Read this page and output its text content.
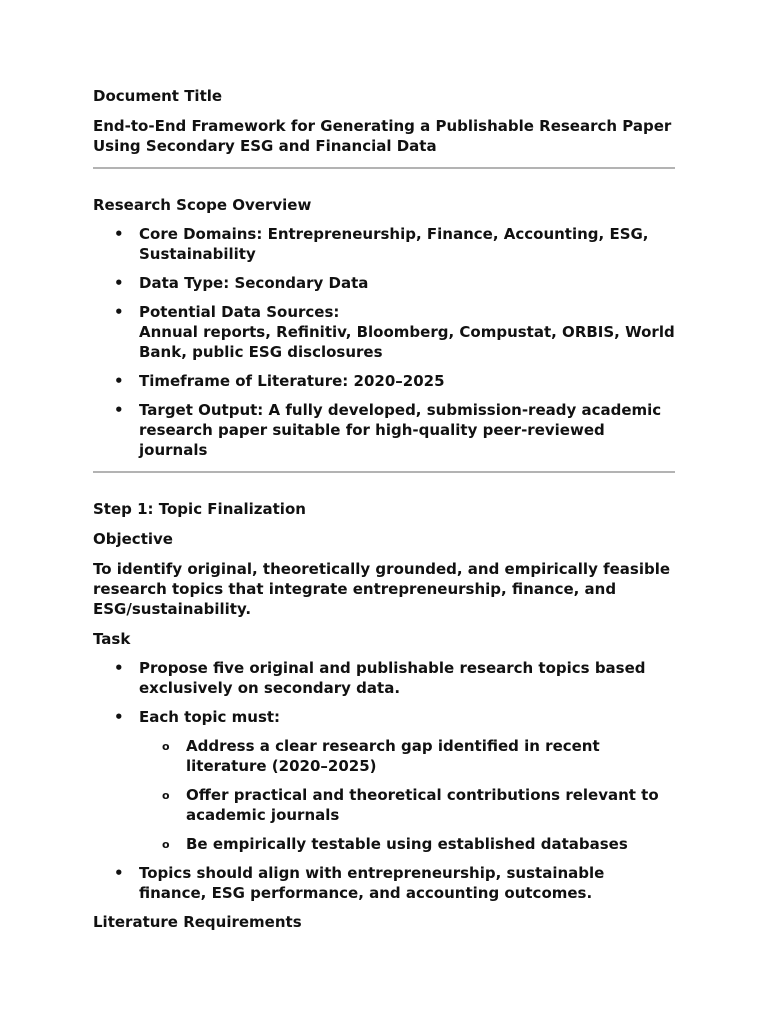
Document Title

End-to-End Framework for Generating a Publishable Research Paper Using Secondary ESG and Financial Data

Research Scope Overview

• Core Domains: Entrepreneurship, Finance, Accounting, ESG, Sustainability
• Data Type: Secondary Data
• Potential Data Sources:
Annual reports, Refinitiv, Bloomberg, Compustat, ORBIS, World Bank, public ESG disclosures
• Timeframe of Literature: 2020–2025
• Target Output: A fully developed, submission-ready academic research paper suitable for high-quality peer-reviewed journals

Step 1: Topic Finalization

Objective

To identify original, theoretically grounded, and empirically feasible research topics that integrate entrepreneurship, finance, and ESG/sustainability.

Task

• Propose five original and publishable research topics based exclusively on secondary data.
• Each topic must:
o Address a clear research gap identified in recent literature (2020–2025)
o Offer practical and theoretical contributions relevant to academic journals
o Be empirically testable using established databases
• Topics should align with entrepreneurship, sustainable finance, ESG performance, and accounting outcomes.

Literature Requirements
